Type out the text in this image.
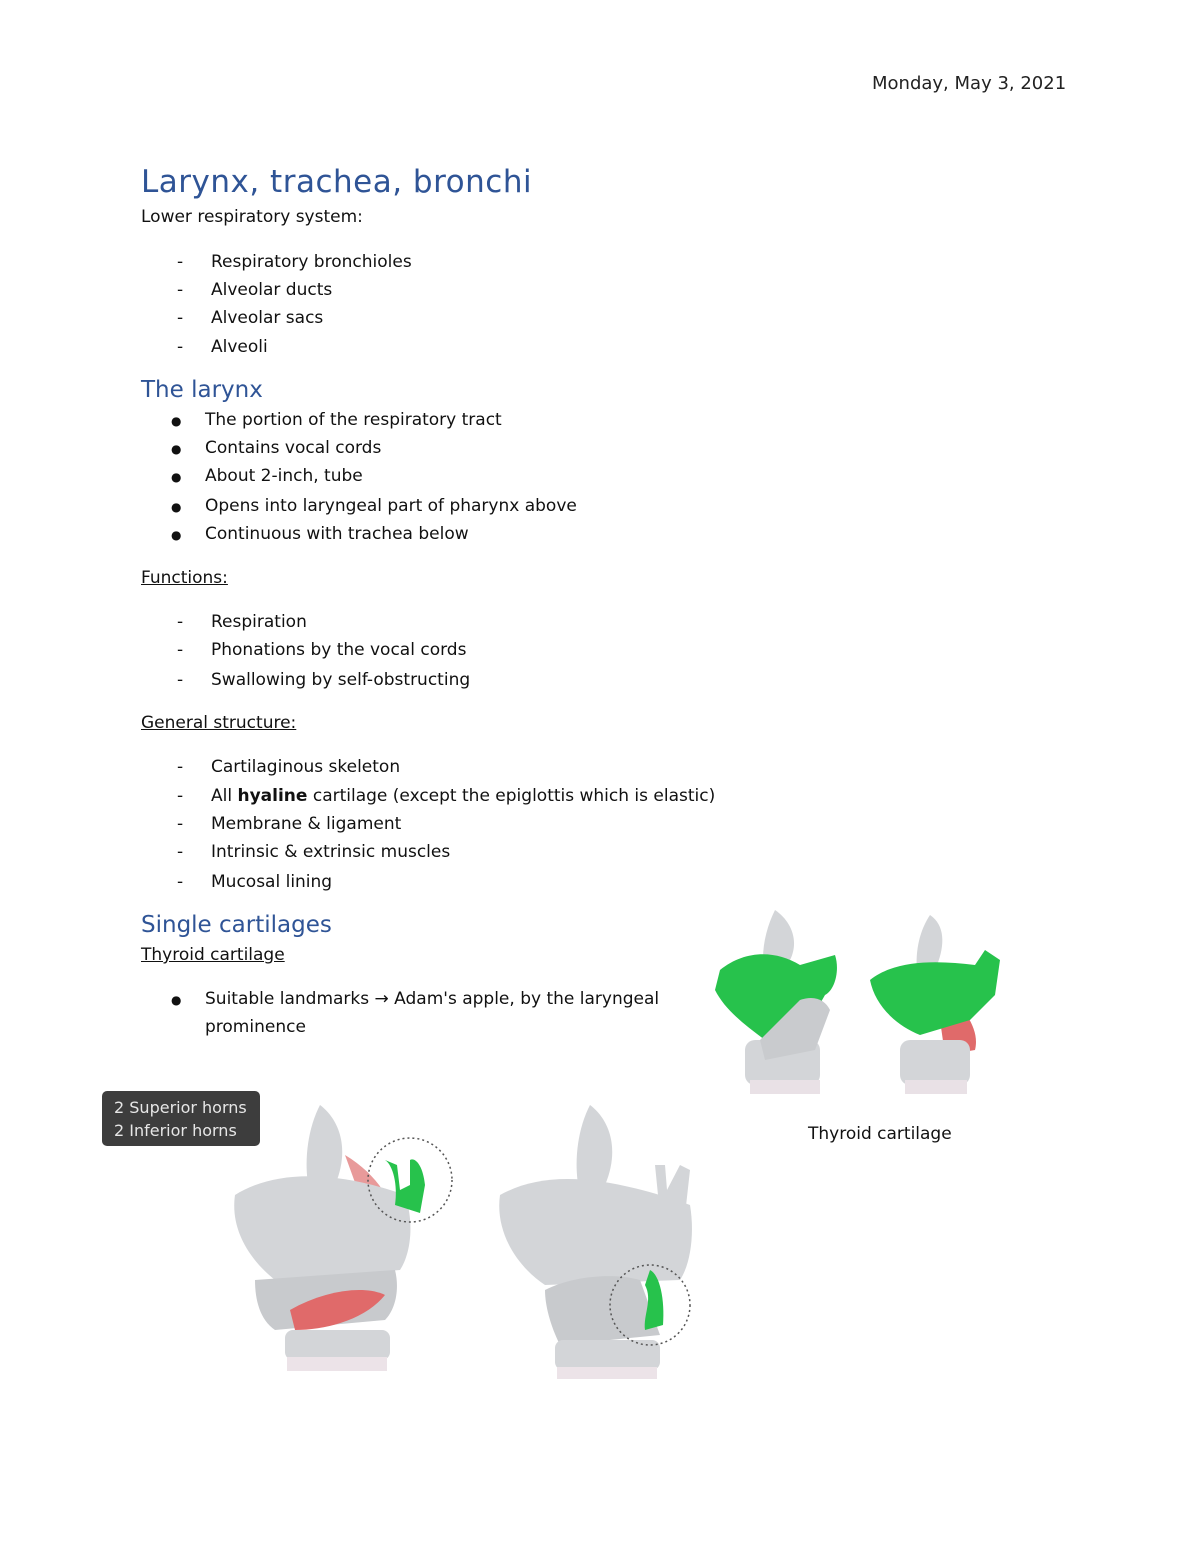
Monday, May 3, 2021
Larynx, trachea, bronchi
Lower respiratory system:
- Respiratory bronchioles
- Alveolar ducts
- Alveolar sacs
- Alveoli
The larynx
● The portion of the respiratory tract
● Contains vocal cords
● About 2-inch, tube
● Opens into laryngeal part of pharynx above
● Continuous with trachea below
Functions:
- Respiration
- Phonations by the vocal cords
- Swallowing by self-obstructing
General structure:
- Cartilaginous skeleton
- All hyaline cartilage (except the epiglottis which is elastic)
- Membrane & ligament
- Intrinsic & extrinsic muscles
- Mucosal lining
Single cartilages
Thyroid cartilage
● Suitable landmarks → Adam's apple, by the laryngeal
prominence
Thyroid cartilage
2 Superior horns
2 Inferior horns
